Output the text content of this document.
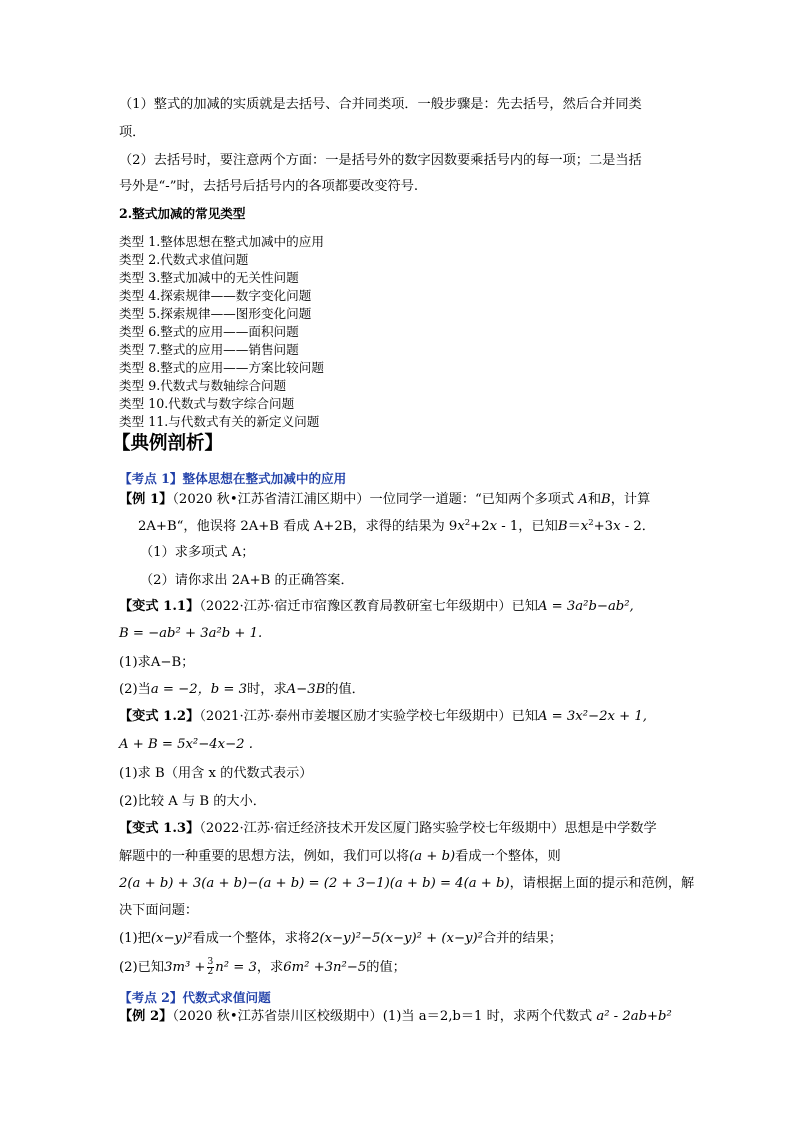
（1）整式的加减的实质就是去括号、合并同类项．一般步骤是：先去括号，然后合并同类
项．
（2）去括号时，要注意两个方面：一是括号外的数字因数要乘括号内的每一项；二是当括
号外是“-”时，去括号后括号内的各项都要改变符号.
2.整式加减的常见类型
类型 1.整体思想在整式加减中的应用
类型 2.代数式求值问题
类型 3.整式加减中的无关性问题
类型 4.探索规律——数字变化问题
类型 5.探索规律——图形变化问题
类型 6.整式的应用——面积问题
类型 7.整式的应用——销售问题
类型 8.整式的应用——方案比较问题
类型 9.代数式与数轴综合问题
类型 10.代数式与数字综合问题
类型 11.与代数式有关的新定义问题
【典例剖析】
【考点 1】整体思想在整式加减中的应用
【例 1】（2020 秋•江苏省清江浦区期中）一位同学一道题：“已知两个多项式 A和B，计算
2A+B“，他误将 2A+B 看成 A+2B，求得的结果为 $9x^2+2x - 1$，已知$B=x^2+3x - 2$．
（1）求多项式 A；
（2）请你求出 2A+B 的正确答案．
【变式 1.1】（2022·江苏·宿迁市宿豫区教育局教研室七年级期中）已知A = 3a²b−ab²,
B = −ab² + 3a²b + 1.
(1)求A−B；
(2)当a = −2，b = 3时，求A−3B的值．
【变式 1.2】（2021·江苏·泰州市姜堰区励才实验学校七年级期中）已知A = 3x²−2x + 1,
A + B = 5x²−4x−2 .
(1)求 B（用含 x 的代数式表示）
(2)比较 A 与 B 的大小．
【变式 1.3】（2022·江苏·宿迁经济技术开发区厦门路实验学校七年级期中）思想是中学数学
解题中的一种重要的思想方法，例如，我们可以将(a + b)看成一个整体，则
2(a + b) + 3(a + b)−(a + b) = (2 + 3−1)(a + b) = 4(a + b)，请根据上面的提示和范例，解
决下面问题：
(1)把(x−y)²看成一个整体，求将2(x−y)²−5(x−y)² + (x−y)²合并的结果；
(2)已知$3m^3 + \frac{3}{2} n^2 = 3$，求6m² +3n²−5的值；
【考点 2】代数式求值问题
【例 2】（2020 秋•江苏省崇川区校级期中）(1)当 a＝2,b＝1 时，求两个代数式 a² - 2ab+b²
